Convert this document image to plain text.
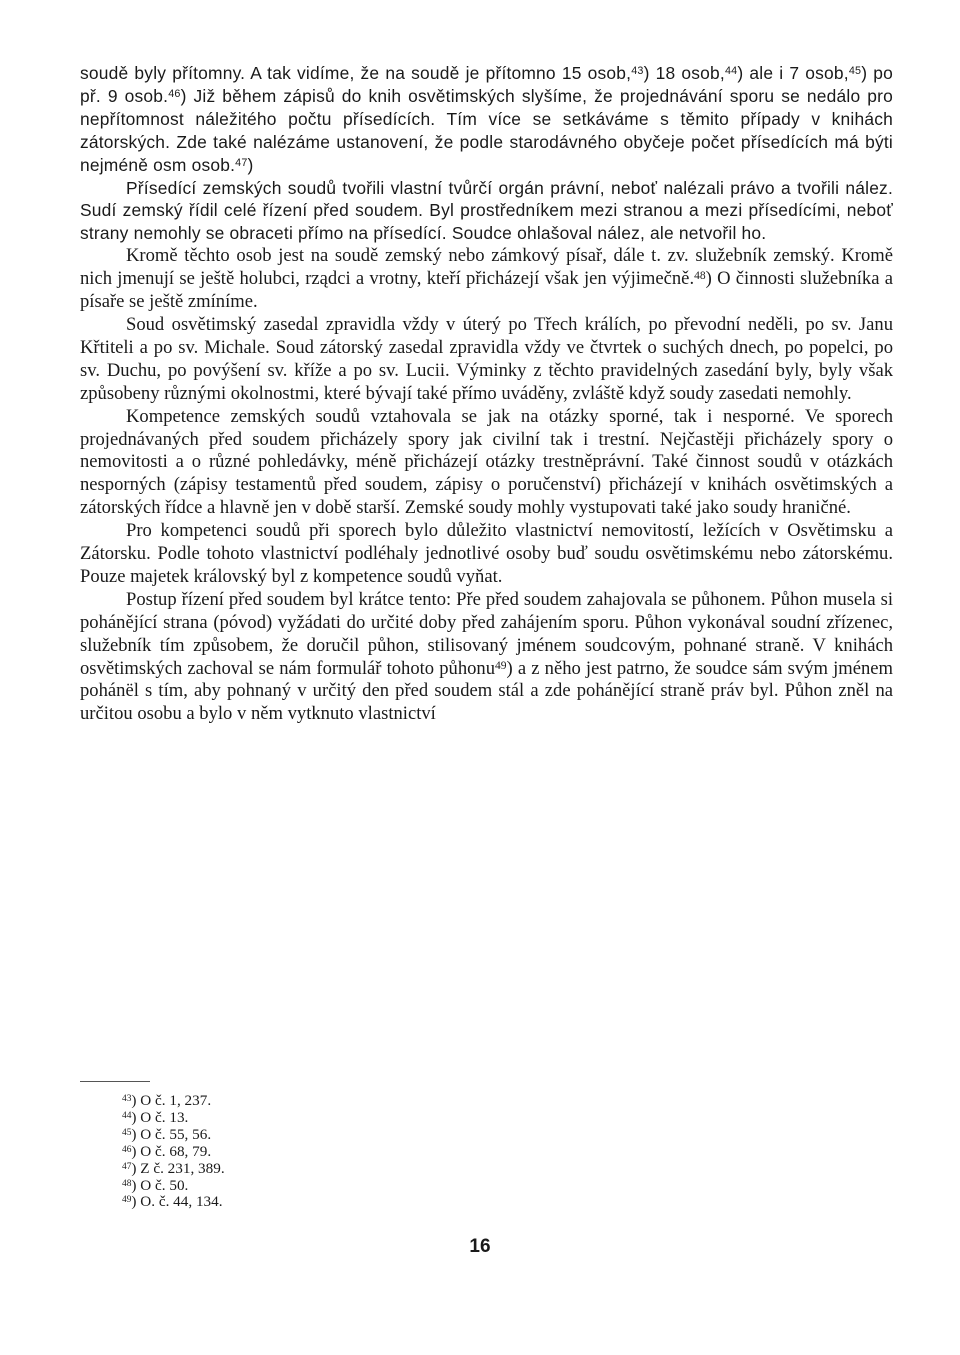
soudě byly přítomny. A tak vidíme, že na soudě je přítomno 15 osob,$^{43}$) 18 osob,$^{44}$) ale i 7 osob,$^{45}$) po př. 9 osob.$^{46}$) Již během zápisů do knih osvětimských slyšíme, že projednávání sporu se nedálo pro nepřítomnost náležitého počtu přísedících. Tím více se setkáváme s těmito případy v knihách zátorských. Zde také nalézáme ustanovení, že podle starodávného obyčeje počet přísedících má býti nejméně osm osob.$^{47}$)

Přísedící zemských soudů tvořili vlastní tvůrčí orgán právní, neboť nalézali právo a tvořili nález. Sudí zemský řídil celé řízení před soudem. Byl prostředníkem mezi stranou a mezi přísedícími, neboť strany nemohly se obraceti přímo na přísedící. Soudce ohlašoval nález, ale netvořil ho.

Kromě těchto osob jest na soudě zemský nebo zámkový písař, dále t. zv. služebník zemský. Kromě nich jmenují se ještě holubci, rządci a vrotny, kteří přicházejí však jen výjimečně.$^{48}$) O činnosti služebníka a písaře se ještě zmíníme.

Soud osvětimský zasedal zpravidla vždy v úterý po Třech králích, po převodní neděli, po sv. Janu Křtiteli a po sv. Michale. Soud zátorský zasedal zpravidla vždy ve čtvrtek o suchých dnech, po popelci, po sv. Duchu, po povýšení sv. kříže a po sv. Lucii. Výminky z těchto pravidelných zasedání byly, byly však způsobeny různými okolnostmi, které bývají také přímo uváděny, zvláště když soudy zasedati nemohly.

Kompetence zemských soudů vztahovala se jak na otázky sporné, tak i nesporné. Ve sporech projednávaných před soudem přicházely spory jak civilní tak i trestní. Nejčastěji přicházely spory o nemovitosti a o různé pohledávky, méně přicházejí otázky trestněprávní. Také činnost soudů v otázkách nesporných (zápisy testamentů před soudem, zápisy o poručenství) přicházejí v knihách osvětimských a zátorských řídce a hlavně jen v době starší. Zemské soudy mohly vystupovati také jako soudy hraničné.

Pro kompetenci soudů při sporech bylo důležito vlastnictví nemovitostí, ležících v Osvětimsku a Zátorsku. Podle tohoto vlastnictví podléhaly jednotlivé osoby buď soudu osvětimskému nebo zátorskému. Pouze majetek královský byl z kompetence soudů vyňat.

Postup řízení před soudem byl krátce tento: Pře před soudem zahajovala se půhonem. Půhon musela si pohánějící strana (póvod) vyžádati do určité doby před zahájením sporu. Půhon vykonával soudní zřízenec, služebník tím způsobem, že doručil půhon, stilisovaný jménem soudcovým, pohnané straně. V knihách osvětimských zachoval se nám formulář tohoto půhonu$^{49}$) a z něho jest patrno, že soudce sám svým jménem pohánël s tím, aby pohnaný v určitý den před soudem stál a zde pohánějící straně práv byl. Půhon zněl na určitou osobu a bylo v něm vytknuto vlastnictví

$^{43}$) O č. 1, 237.
$^{44}$) O č. 13.
$^{45}$) O č. 55, 56.
$^{46}$) O č. 68, 79.
$^{47}$) Z č. 231, 389.
$^{48}$) O č. 50.
$^{49}$) O. č. 44, 134.
16
